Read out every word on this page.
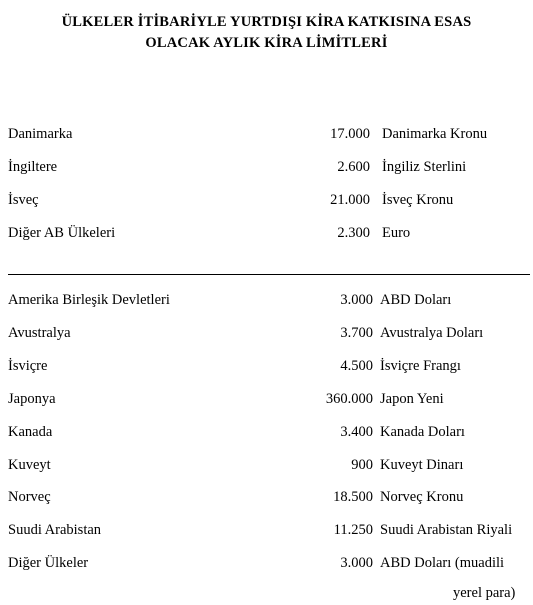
ÜLKELER İTİBARİYLE YURTDIŞI KİRA KATKISINA ESAS
OLACAK AYLIK KİRA LİMİTLERİ
Danimarka	17.000 Danimarka Kronu
İngiltere	2.600 İngiliz Sterlini
İsveç	21.000 İsveç Kronu
Diğer AB Ülkeleri	2.300 Euro
Amerika Birleşik Devletleri	3.000 ABD Doları
Avustralya	3.700 Avustralya Doları
İsviçre	4.500 İsviçre Frangı
Japonya	360.000 Japon Yeni
Kanada	3.400 Kanada Doları
Kuveyt	900 Kuveyt Dinarı
Norveç	18.500 Norveç Kronu
Suudi Arabistan	11.250 Suudi Arabistan Riyali
Diğer Ülkeler	3.000 ABD Doları (muadili
yerel para)
